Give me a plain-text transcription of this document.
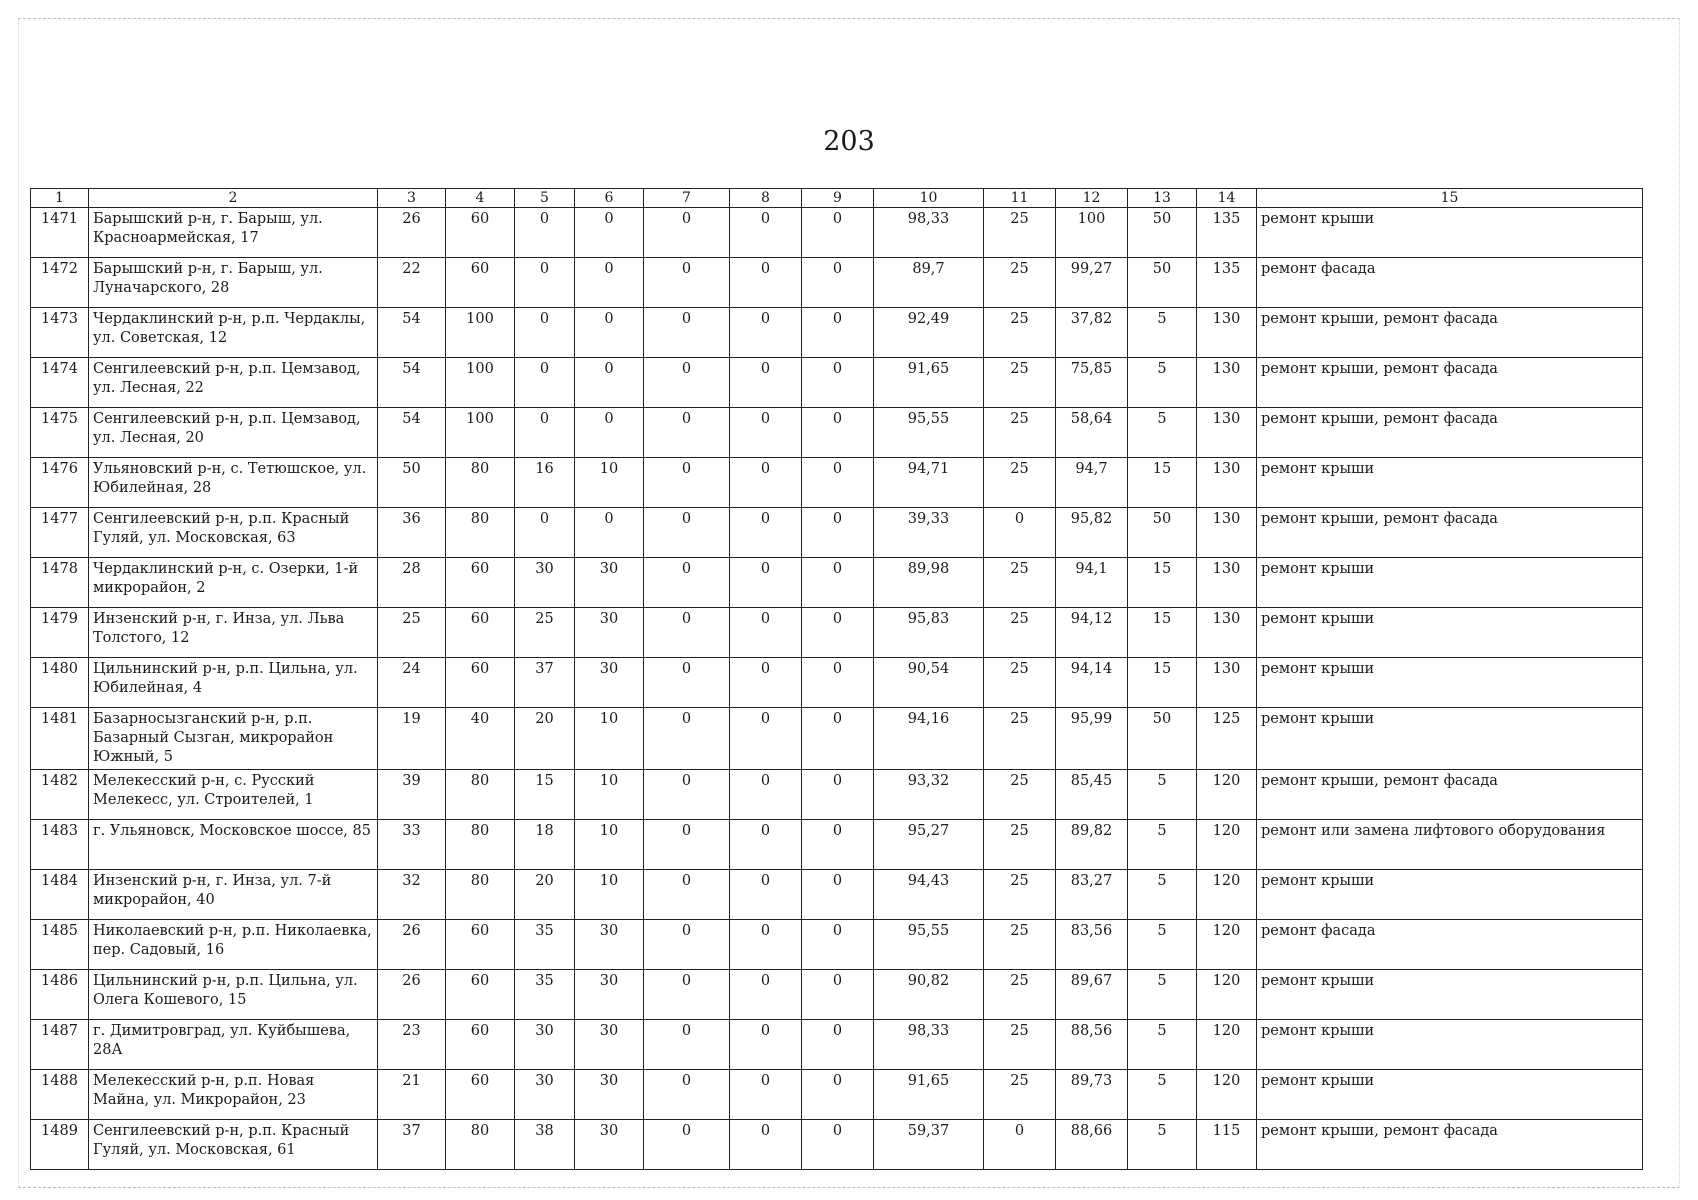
203
1	2	3	4	5	6	7	8	9	10	11	12	13	14	15
1471	Барышский р-н, г. Барыш, ул. Красноармейская, 17	26	60	0	0	0	0	0	98,33	25	100	50	135	ремонт крыши
1472	Барышский р-н, г. Барыш, ул. Луначарского, 28	22	60	0	0	0	0	0	89,7	25	99,27	50	135	ремонт фасада
1473	Чердаклинский р-н, р.п. Чердаклы, ул. Советская, 12	54	100	0	0	0	0	0	92,49	25	37,82	5	130	ремонт крыши, ремонт фасада
1474	Сенгилеевский р-н, р.п. Цемзавод, ул. Лесная, 22	54	100	0	0	0	0	0	91,65	25	75,85	5	130	ремонт крыши, ремонт фасада
1475	Сенгилеевский р-н, р.п. Цемзавод, ул. Лесная, 20	54	100	0	0	0	0	0	95,55	25	58,64	5	130	ремонт крыши, ремонт фасада
1476	Ульяновский р-н, с. Тетюшское, ул. Юбилейная, 28	50	80	16	10	0	0	0	94,71	25	94,7	15	130	ремонт крыши
1477	Сенгилеевский р-н, р.п. Красный Гуляй, ул. Московская, 63	36	80	0	0	0	0	0	39,33	0	95,82	50	130	ремонт крыши, ремонт фасада
1478	Чердаклинский р-н, с. Озерки, 1-й микрорайон, 2	28	60	30	30	0	0	0	89,98	25	94,1	15	130	ремонт крыши
1479	Инзенский р-н, г. Инза, ул. Льва Толстого, 12	25	60	25	30	0	0	0	95,83	25	94,12	15	130	ремонт крыши
1480	Цильнинский р-н, р.п. Цильна, ул. Юбилейная, 4	24	60	37	30	0	0	0	90,54	25	94,14	15	130	ремонт крыши
1481	Базарносызганский р-н, р.п. Базарный Сызган, микрорайон Южный, 5	19	40	20	10	0	0	0	94,16	25	95,99	50	125	ремонт крыши
1482	Мелекесский р-н, с. Русский Мелекесс, ул. Строителей, 1	39	80	15	10	0	0	0	93,32	25	85,45	5	120	ремонт крыши, ремонт фасада
1483	г. Ульяновск, Московское шоссе, 85	33	80	18	10	0	0	0	95,27	25	89,82	5	120	ремонт или замена лифтового оборудования
1484	Инзенский р-н, г. Инза, ул. 7-й микрорайон, 40	32	80	20	10	0	0	0	94,43	25	83,27	5	120	ремонт крыши
1485	Николаевский р-н, р.п. Николаевка, пер. Садовый, 16	26	60	35	30	0	0	0	95,55	25	83,56	5	120	ремонт фасада
1486	Цильнинский р-н, р.п. Цильна, ул. Олега Кошевого, 15	26	60	35	30	0	0	0	90,82	25	89,67	5	120	ремонт крыши
1487	г. Димитровград, ул. Куйбышева, 28А	23	60	30	30	0	0	0	98,33	25	88,56	5	120	ремонт крыши
1488	Мелекесский р-н, р.п. Новая Майна, ул. Микрорайон, 23	21	60	30	30	0	0	0	91,65	25	89,73	5	120	ремонт крыши
1489	Сенгилеевский р-н, р.п. Красный Гуляй, ул. Московская, 61	37	80	38	30	0	0	0	59,37	0	88,66	5	115	ремонт крыши, ремонт фасада
